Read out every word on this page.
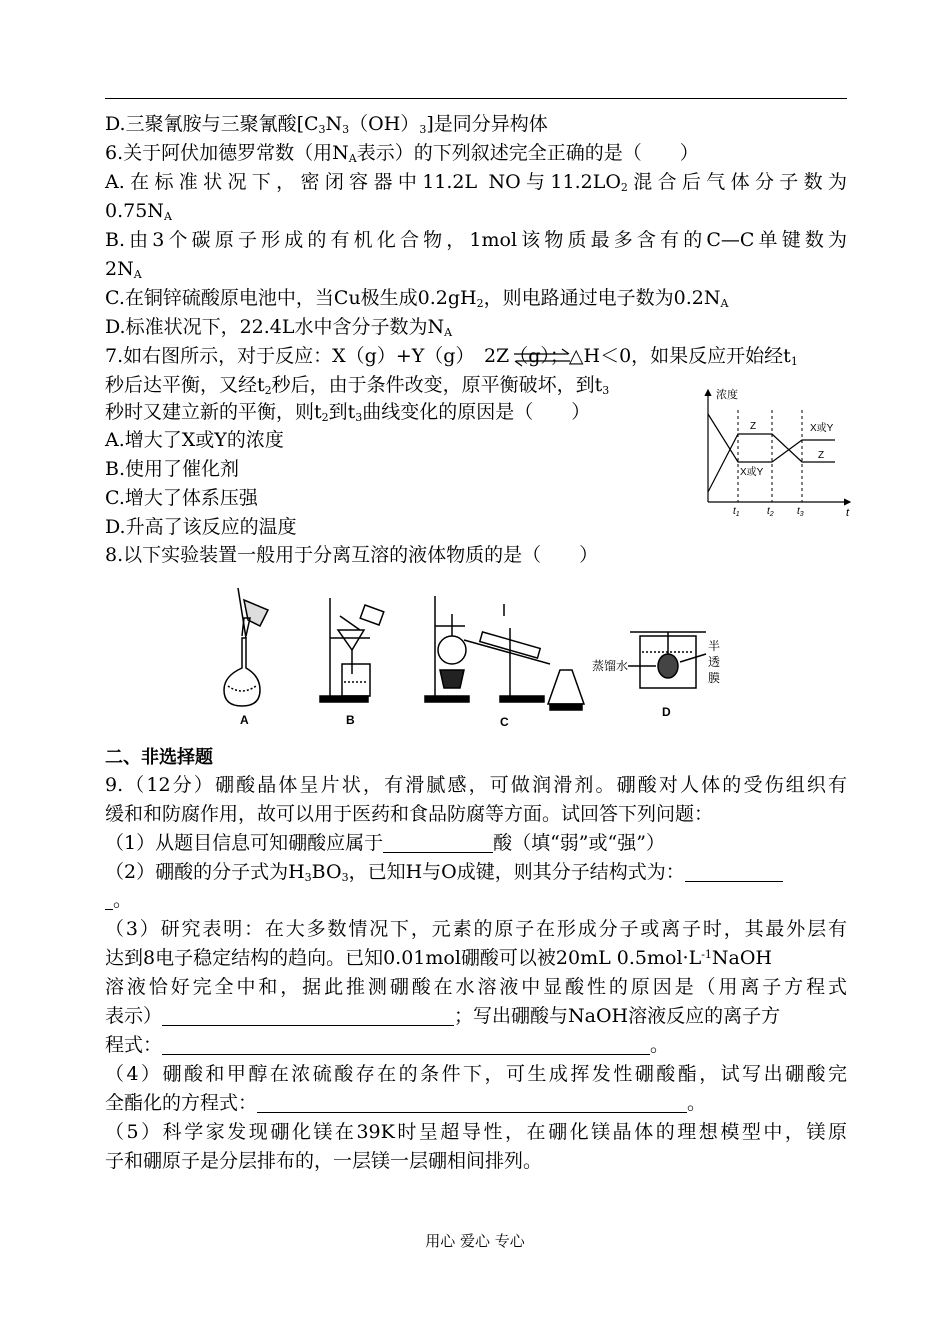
D.三聚氰胺与三聚氰酸$[C_3N_3(OH)_3]$是同分异构体
6.关于阿伏加德罗常数（用$N_A$表示）的下列叙述完全正确的是（　　）
A.在标准状况下，密闭容器中11.2L NO与$11.2LO_2$混合后气体分子数为
$0.75N_A$
B.由3个碳原子形成的有机化合物，1mol该物质最多含有的C—C单键数为
$2N_A$
C.在铜锌硫酸原电池中，当Cu极生成$0.2gH_2$，则电路通过电子数为$0.2N_A$
D.标准状况下，22.4L水中含分子数为$N_A$
7.如右图所示，对于反应：X（g）+Y（g）　2Z（g）；△H＜0，如果反应开始经$t_1$
秒后达平衡，又经$t_2$秒后，由于条件改变，原平衡破坏，到$t_3$
秒时又建立新的平衡，则$t_2$到$t_3$曲线变化的原因是（　　）
A.增大了X或Y的浓度
B.使用了催化剂
C.增大了体系压强
D.升高了该反应的温度
浓度
t
Z
X或Y
X或Y
Z
$t_1$	$t_2$ $t_3$
8.以下实验装置一般用于分离互溶的液体物质的是（　　）
A	B	C
D
蒸馏水
半
透
膜
二、非选择题
9.（12分）硼酸晶体呈片状，有滑腻感，可做润滑剂。硼酸对人体的受伤组织有
缓和和防腐作用，故可以用于医药和食品防腐等方面。试回答下列问题：
（1）从题目信息可知硼酸应属于	酸（填“弱”或“强”）
（2）硼酸的分子式为$H_3BO_3$，已知H与O成键，则其分子结构式为：
。
（3）研究表明：在大多数情况下，元素的原子在形成分子或离子时，其最外层有
达到8电子稳定结构的趋向。已知0.01mol硼酸可以被20mL $0.5mol\cdot L^{-1}NaOH$
溶液恰好完全中和，据此推测硼酸在水溶液中显酸性的原因是（用离子方程式
表示）	；写出硼酸与NaOH溶液反应的离子方
程式：	。
（4）硼酸和甲醇在浓硫酸存在的条件下，可生成挥发性硼酸酯，试写出硼酸完
全酯化的方程式：	。
（5）科学家发现硼化镁在39K时呈超导性，在硼化镁晶体的理想模型中，镁原
子和硼原子是分层排布的，一层镁一层硼相间排列。
用心 爱心 专心
